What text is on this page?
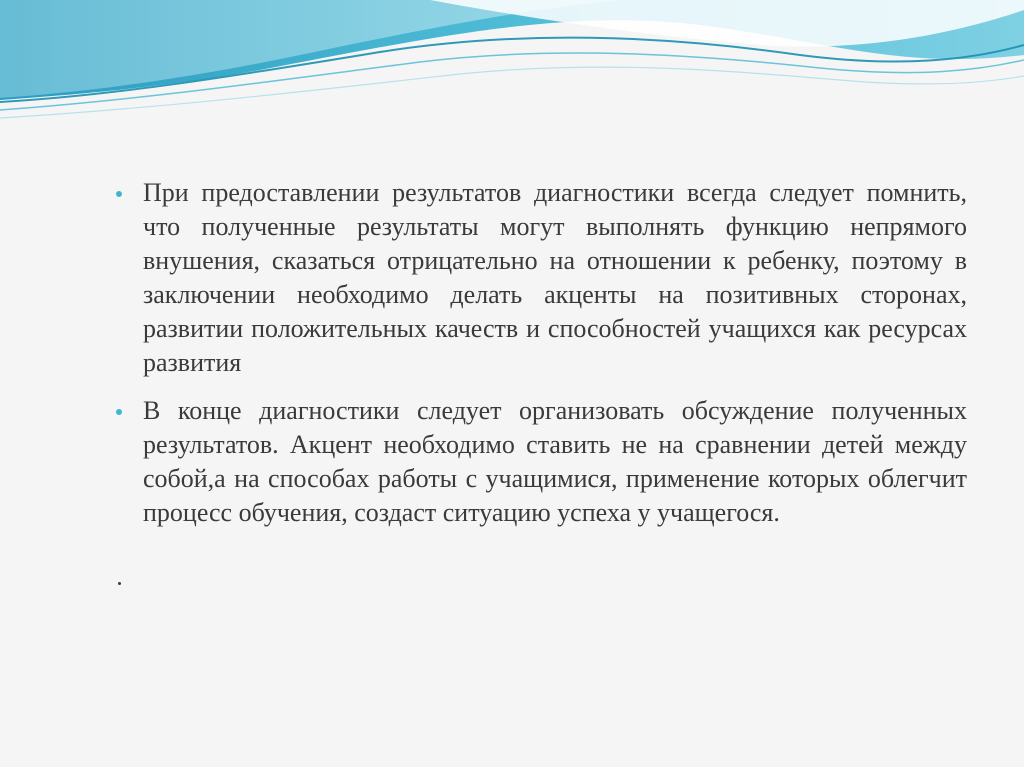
При предоставлении результатов диагностики всегда следует помнить, что полученные результаты могут выполнять функцию непрямого внушения, сказаться отрицательно на отношении к ребенку, поэтому в заключении необходимо делать акценты на позитивных сторонах, развитии положительных качеств и способностей учащихся как ресурсах развития
В конце диагностики следует организовать обсуждение полученных результатов. Акцент необходимо ставить не на сравнении детей между собой,а на способах работы с учащимися, применение которых облегчит процесс обучения, создаст ситуацию успеха у учащегося.
